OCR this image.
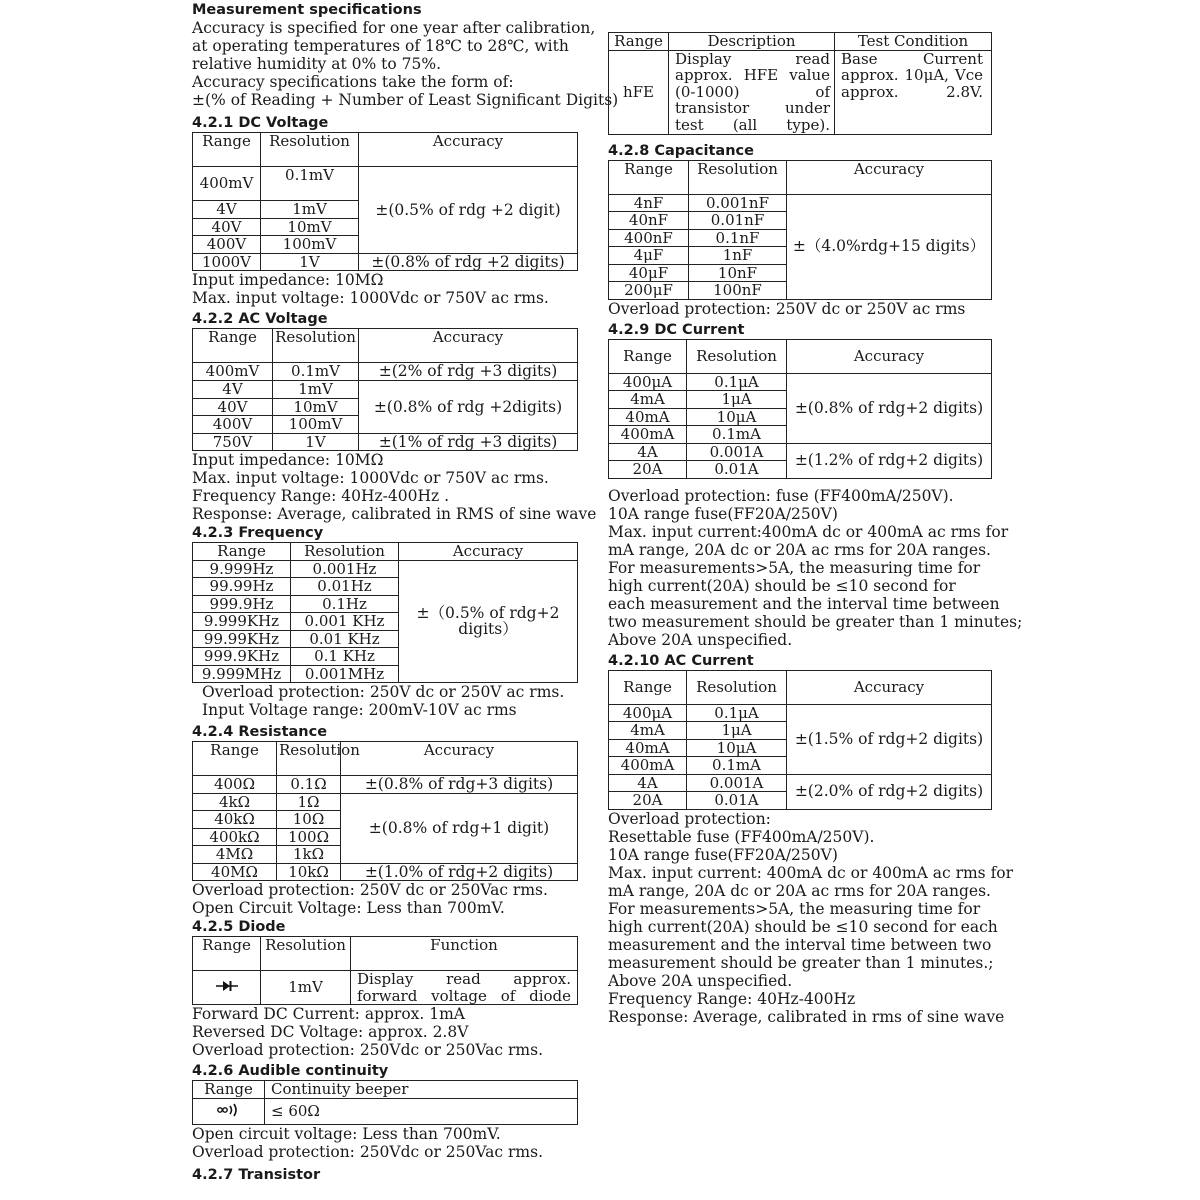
Measurement specifications
Accuracy is specified for one year after calibration,
at operating temperatures of 18℃ to 28℃, with
relative humidity at 0% to 75%.
Accuracy specifications take the form of:
±(% of Reading + Number of Least Significant Digits)
4.2.1 DC Voltage
Range	Resolution	Accuracy
400mV	0.1mV	±(0.5% of rdg +2 digit)
4V	1mV	
40V	10mV	
400V	100mV	
1000V	1V	±(0.8% of rdg +2 digits)
Input impedance: 10MΩ
Max. input voltage: 1000Vdc or 750V ac rms.
4.2.2 AC Voltage
Range	Resolution	Accuracy
400mV	0.1mV	±(2% of rdg +3 digits)
4V	1mV	±(0.8% of rdg +2digits)
40V	10mV	
400V	100mV	
750V	1V	±(1% of rdg +3 digits)
Input impedance: 10MΩ
Max. input voltage: 1000Vdc or 750V ac rms.
Frequency Range: 40Hz-400Hz .
Response: Average, calibrated in RMS of sine wave
4.2.3 Frequency
Range	Resolution	Accuracy
9.999Hz	0.001Hz	±（0.5% of rdg+2 digits）
99.99Hz	0.01Hz	
999.9Hz	0.1Hz	
9.999KHz	0.001 KHz	
99.99KHz	0.01 KHz	
999.9KHz	0.1 KHz	
9.999MHz	0.001MHz	
Overload protection: 250V dc or 250V ac rms.
Input Voltage range: 200mV-10V ac rms
4.2.4 Resistance
Range	Resolution	Accuracy
400Ω	0.1Ω	±(0.8% of rdg+3 digits)
4kΩ	1Ω	±(0.8% of rdg+1 digit)
40kΩ	10Ω	
400kΩ	100Ω	
4MΩ	1kΩ	
40MΩ	10kΩ	±(1.0% of rdg+2 digits)
Overload protection: 250V dc or 250Vac rms.
Open Circuit Voltage: Less than 700mV.
4.2.5 Diode
Range	Resolution	Function
	1mV	Display read approx. forward voltage of diode
Forward DC Current: approx. 1mA
Reversed DC Voltage: approx. 2.8V
Overload protection: 250Vdc or 250Vac rms.
4.2.6 Audible continuity
Range	Continuity beeper
	≤ 60Ω
Open circuit voltage: Less than 700mV.
Overload protection: 250Vdc or 250Vac rms.
4.2.7 Transistor
Range	Description	Test Condition
hFE	Display read approx. HFE value (0-1000) of transistor under test (all type).	Base Current approx. 10μA, Vce approx. 2.8V.
4.2.8 Capacitance
Range	Resolution	Accuracy
4nF	0.001nF	±（4.0%rdg+15 digits）
40nF	0.01nF	
400nF	0.1nF	
4μF	1nF	
40μF	10nF	
200μF	100nF	
Overload protection: 250V dc or 250V ac rms
4.2.9 DC Current
Range	Resolution	Accuracy
400μA	0.1μA	±(0.8% of rdg+2 digits)
4mA	1μA	
40mA	10μA	
400mA	0.1mA	
4A	0.001A	±(1.2% of rdg+2 digits)
20A	0.01A	
Overload protection: fuse (FF400mA/250V).
10A range fuse(FF20A/250V)
Max. input current:400mA dc or 400mA ac rms for
mA range, 20A dc or 20A ac rms for 20A ranges.
For measurements>5A, the measuring time for
high current(20A) should be ≤10 second for
each measurement and the interval time between
two measurement should be greater than 1 minutes;
Above 20A unspecified.
4.2.10 AC Current
Range	Resolution	Accuracy
400μA	0.1μA	±(1.5% of rdg+2 digits)
4mA	1μA	
40mA	10μA	
400mA	0.1mA	
4A	0.001A	±(2.0% of rdg+2 digits)
20A	0.01A	
Overload protection:
Resettable fuse (FF400mA/250V).
10A range fuse(FF20A/250V)
Max. input current: 400mA dc or 400mA ac rms for
mA range, 20A dc or 20A ac rms for 20A ranges.
For measurements>5A, the measuring time for
high current(20A) should be ≤10 second for each
measurement and the interval time between two
measurement should be greater than 1 minutes.;
Above 20A unspecified.
Frequency Range: 40Hz-400Hz
Response: Average, calibrated in rms of sine wave
